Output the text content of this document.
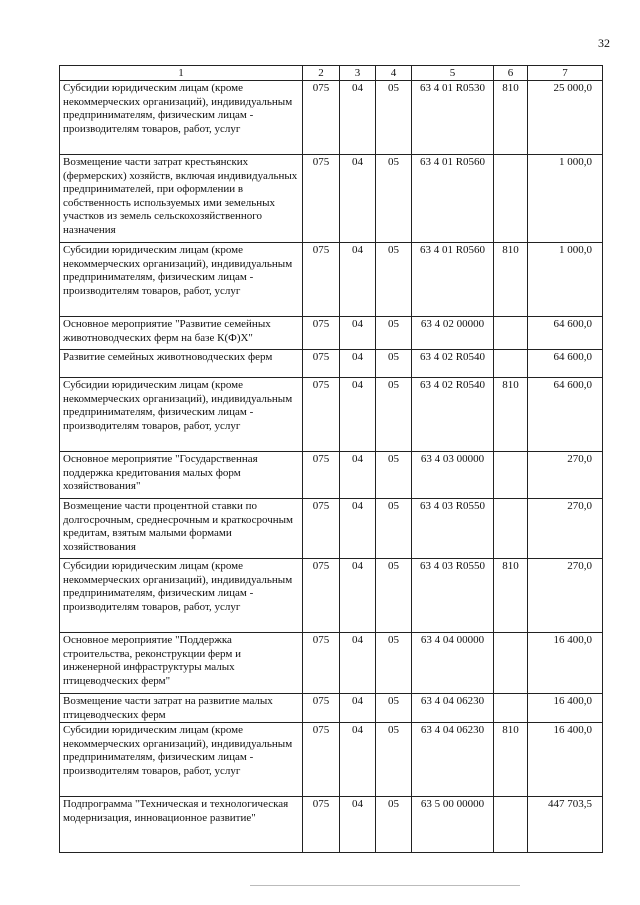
32
1	2	3	4	5	6	7
Субсидии юридическим лицам (кроме некоммерческих организаций), индивидуальным предпринимателям, физическим лицам - производителям товаров, работ, услуг	075	04	05	63 4 01 R0530	810	25 000,0
Возмещение части затрат крестьянских (фермерских) хозяйств, включая индивидуальных предпринимателей, при оформлении в собственность используемых ими земельных участков из земель сельскохозяйственного назначения	075	04	05	63 4 01 R0560		1 000,0
Субсидии юридическим лицам (кроме некоммерческих организаций), индивидуальным предпринимателям, физическим лицам - производителям товаров, работ, услуг	075	04	05	63 4 01 R0560	810	1 000,0
Основное мероприятие "Развитие семейных животноводческих ферм на базе К(Ф)Х"	075	04	05	63 4 02 00000		64 600,0
Развитие семейных животноводческих ферм	075	04	05	63 4 02 R0540		64 600,0
Субсидии юридическим лицам (кроме некоммерческих организаций), индивидуальным предпринимателям, физическим лицам - производителям товаров, работ, услуг	075	04	05	63 4 02 R0540	810	64 600,0
Основное мероприятие "Государственная поддержка кредитования малых форм хозяйствования"	075	04	05	63 4 03 00000		270,0
Возмещение части процентной ставки по долгосрочным, среднесрочным и краткосрочным кредитам, взятым малыми формами хозяйствования	075	04	05	63 4 03 R0550		270,0
Субсидии юридическим лицам (кроме некоммерческих организаций), индивидуальным предпринимателям, физическим лицам - производителям товаров, работ, услуг	075	04	05	63 4 03 R0550	810	270,0
Основное мероприятие "Поддержка строительства, реконструкции ферм и инженерной инфраструктуры малых птицеводческих ферм"	075	04	05	63 4 04 00000		16 400,0
Возмещение части затрат на развитие малых птицеводческих ферм	075	04	05	63 4 04 06230		16 400,0
Субсидии юридическим лицам (кроме некоммерческих организаций), индивидуальным предпринимателям, физическим лицам - производителям товаров, работ, услуг	075	04	05	63 4 04 06230	810	16 400,0
Подпрограмма "Техническая и технологическая модернизация, инновационное развитие"	075	04	05	63 5 00 00000		447 703,5
